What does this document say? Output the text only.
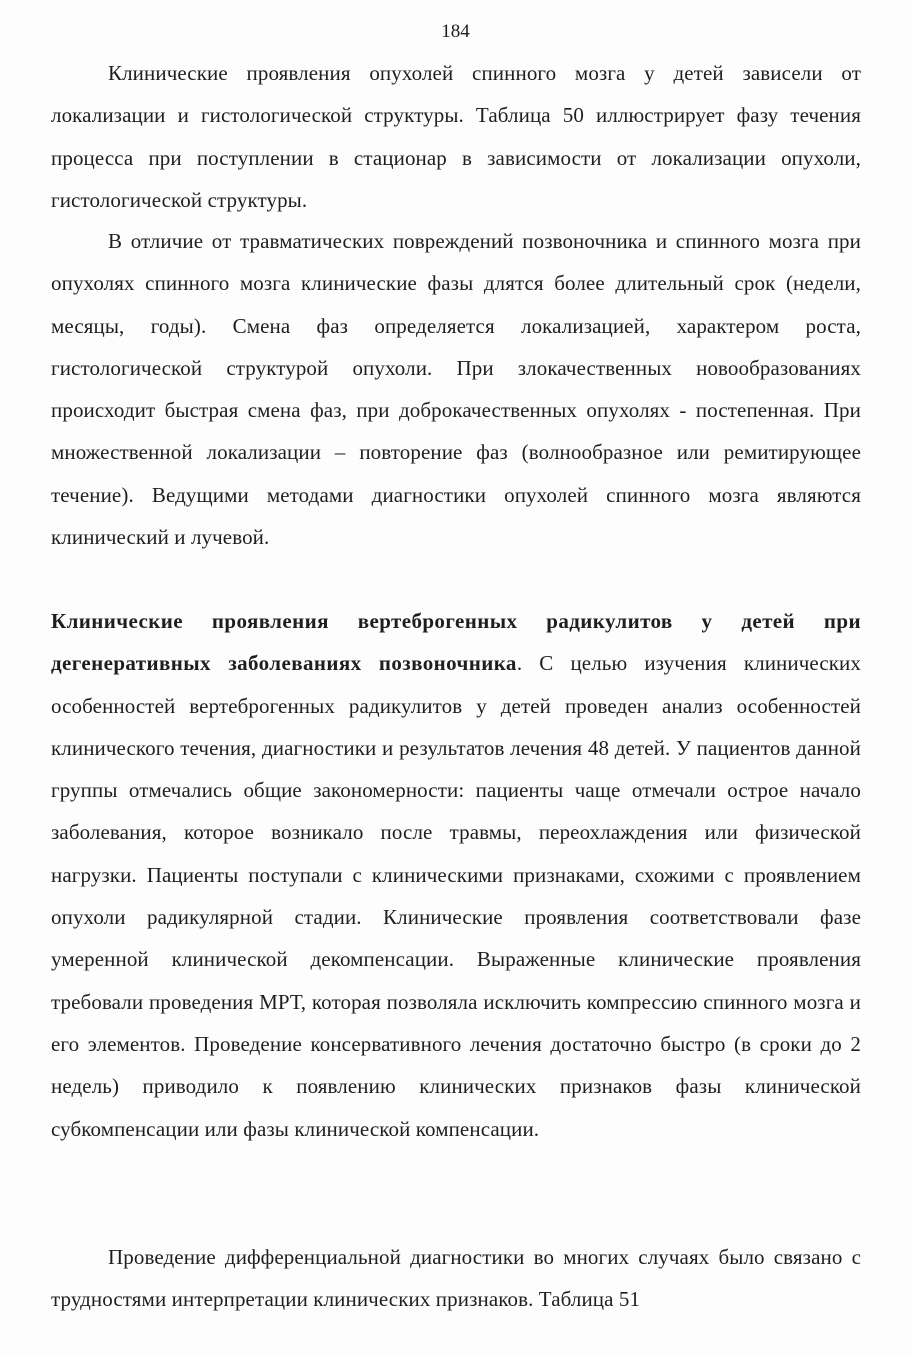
184

Клинические проявления опухолей спинного мозга у детей зависели от локализации и гистологической структуры. Таблица 50 иллюстрирует фазу течения процесса при поступлении в стационар в зависимости от локализации опухоли, гистологической структуры.

В отличие от травматических повреждений позвоночника и спинного мозга при опухолях спинного мозга клинические фазы длятся более длительный срок (недели, месяцы, годы). Смена фаз определяется локализацией, характером роста, гистологической структурой опухоли. При злокачественных новообразованиях происходит быстрая смена фаз, при доброкачественных опухолях - постепенная. При множественной локализации – повторение фаз (волнообразное или ремитирующее течение). Ведущими методами диагностики опухолей спинного мозга являются клинический и лучевой.

Клинические проявления вертеброгенных радикулитов у детей при дегенеративных заболеваниях позвоночника. С целью изучения клинических особенностей вертеброгенных радикулитов у детей проведен анализ особенностей клинического течения, диагностики и результатов лечения 48 детей. У пациентов данной группы отмечались общие закономерности: пациенты чаще отмечали острое начало заболевания, которое возникало после травмы, переохлаждения или физической нагрузки. Пациенты поступали с клиническими признаками, схожими с проявлением опухоли радикулярной стадии. Клинические проявления соответствовали фазе умеренной клинической декомпенсации. Выраженные клинические проявления требовали проведения МРТ, которая позволяла исключить компрессию спинного мозга и его элементов. Проведение консервативного лечения достаточно быстро (в сроки до 2 недель) приводило к появлению клинических признаков фазы клинической субкомпенсации или фазы клинической компенсации.

Проведение дифференциальной диагностики во многих случаях было связано с трудностями интерпретации клинических признаков. Таблица 51
